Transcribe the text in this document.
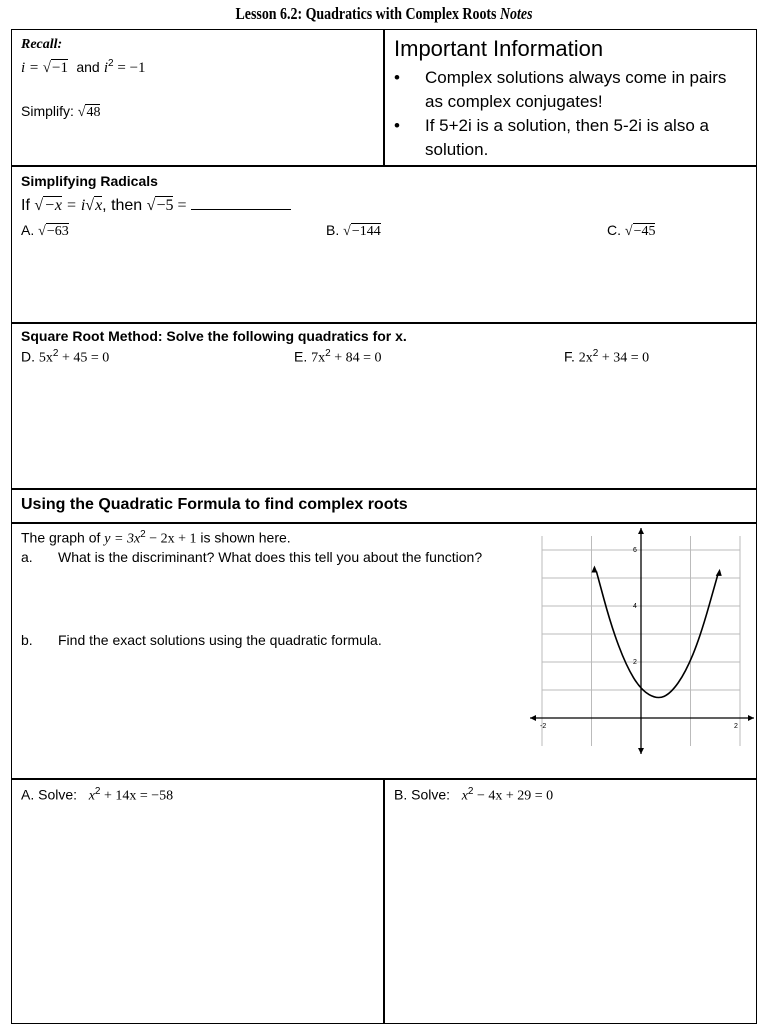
Lesson 6.2: Quadratics with Complex Roots Notes
Recall:
i = √−1 and $i^2 = -1$
Simplify: √48
Important Information
•	Complex solutions always come in pairs as complex conjugates!
•	If 5+2i is a solution, then 5-2i is also a solution.
Simplifying Radicals
If √−x = i√x, then √−5 =
A. √−63	B. √−144	C. √−45
Square Root Method: Solve the following quadratics for x.
D. $5x^2 + 45 = 0$	E. $7x^2 + 84 = 0$	F. $2x^2 + 34 = 0$
Using the Quadratic Formula to find complex roots
The graph of $y = 3x^2 - 2x + 1$ is shown here.
a. What is the discriminant? What does this tell you about the function?
b. Find the exact solutions using the quadratic formula.
-2	2
2
4
6
A. Solve: $x^2 + 14x = -58$	B. Solve: $x^2 - 4x + 29 = 0$
